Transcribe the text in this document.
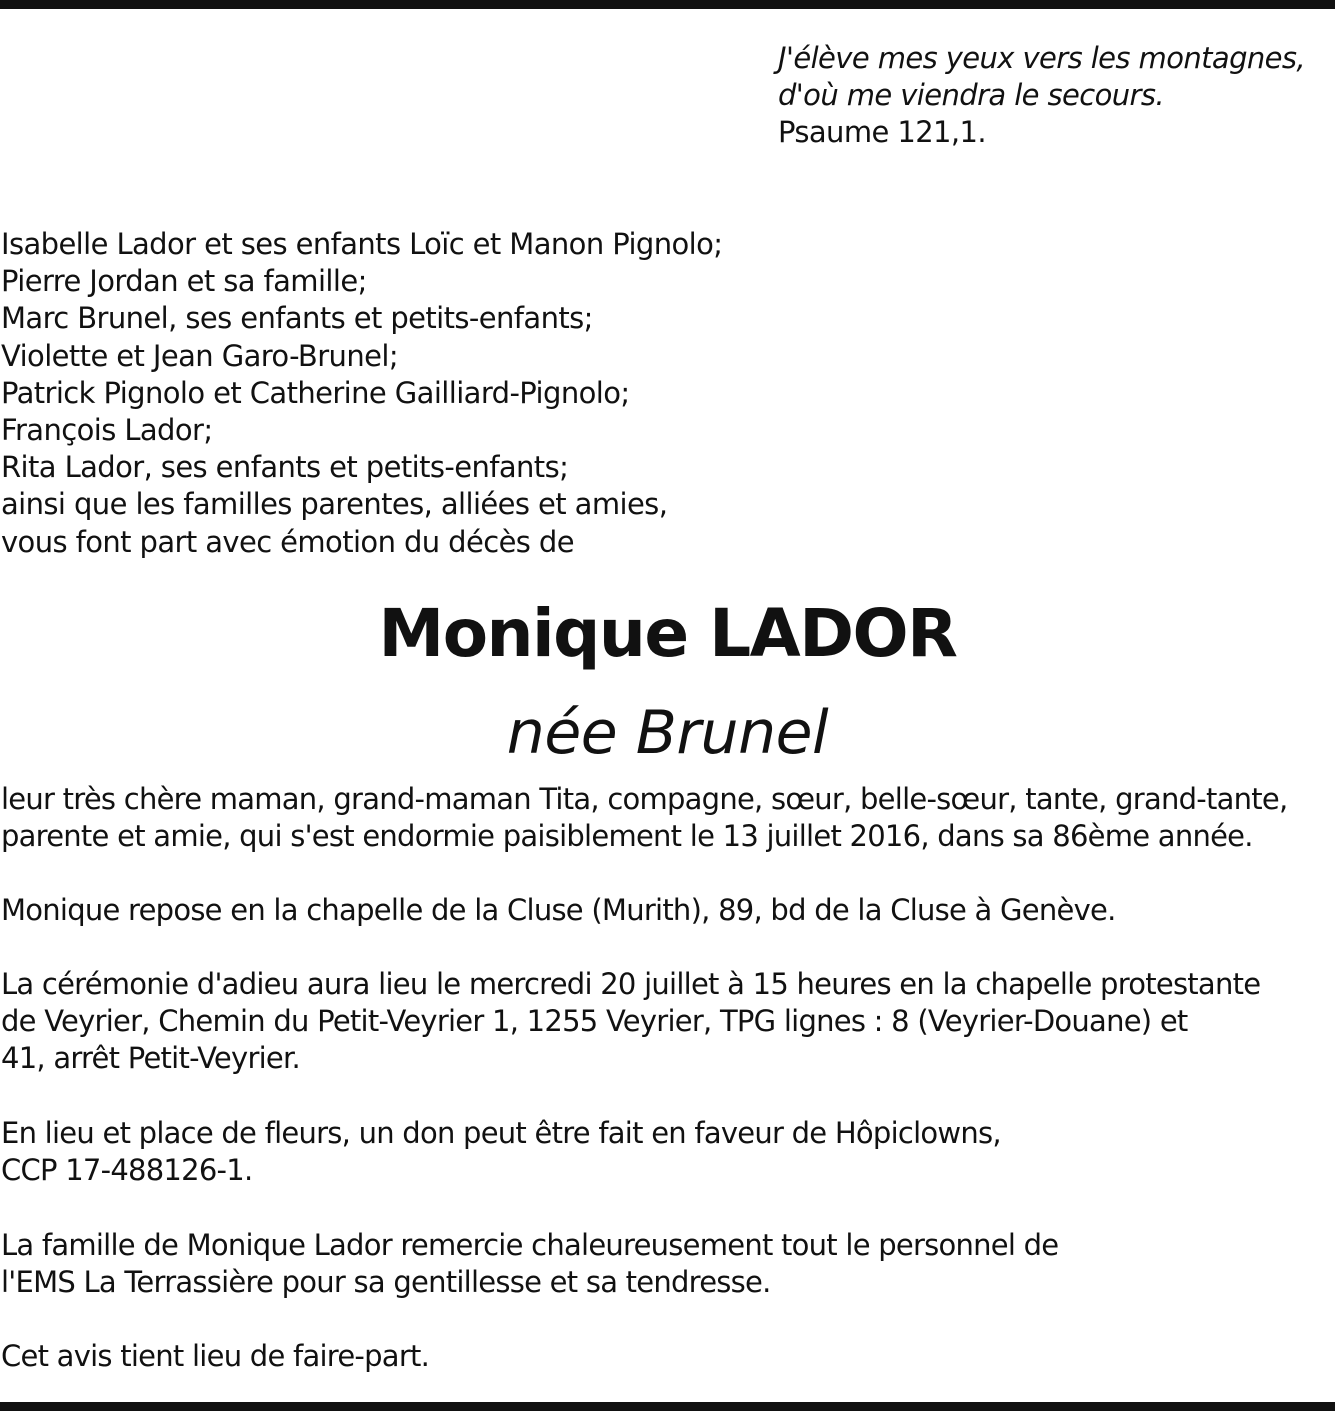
J'élève mes yeux vers les montagnes,
d'où me viendra le secours.
Psaume 121,1.
Isabelle Lador et ses enfants Loïc et Manon Pignolo;
Pierre Jordan et sa famille;
Marc Brunel, ses enfants et petits-enfants;
Violette et Jean Garo-Brunel;
Patrick Pignolo et Catherine Gailliard-Pignolo;
François Lador;
Rita Lador, ses enfants et petits-enfants;
ainsi que les familles parentes, alliées et amies,
vous font part avec émotion du décès de
Monique LADOR
née Brunel
leur très chère maman, grand-maman Tita, compagne, sœur, belle-sœur, tante, grand-tante,
parente et amie, qui s'est endormie paisiblement le 13 juillet 2016, dans sa 86ème année.
Monique repose en la chapelle de la Cluse (Murith), 89, bd de la Cluse à Genève.
La cérémonie d'adieu aura lieu le mercredi 20 juillet à 15 heures en la chapelle protestante
de Veyrier, Chemin du Petit-Veyrier 1, 1255 Veyrier, TPG lignes : 8 (Veyrier-Douane) et
41, arrêt Petit-Veyrier.
En lieu et place de fleurs, un don peut être fait en faveur de Hôpiclowns,
CCP 17-488126-1.
La famille de Monique Lador remercie chaleureusement tout le personnel de
l'EMS La Terrassière pour sa gentillesse et sa tendresse.
Cet avis tient lieu de faire-part.
